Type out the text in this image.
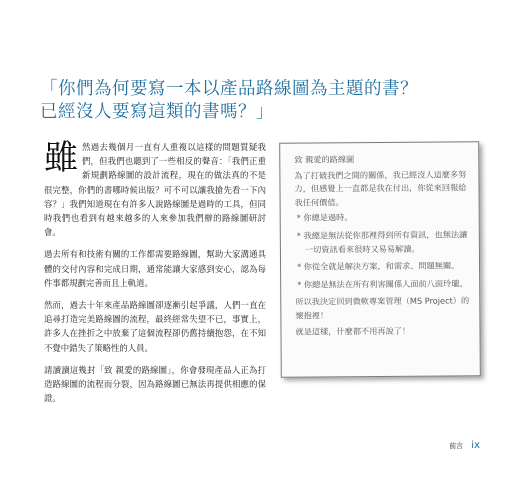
「你們為何要寫一本以產品路線圖為主題的書？
已經沒人要寫這類的書嗎？」

雖 然過去幾個月一直有人重複以這樣的問題質疑我們，但我們也聽到了一些相反的聲音：「我們正重新規劃路線圖的設計流程，現在的做法真的不是很完整，你們的書哪時候出版？可不可以讓我搶先看一下內容？」我們知道現在有許多人說路線圖是過時的工具，但同時我們也看到有越來越多的人來參加我們辦的路線圖研討會。

過去所有和技術有關的工作都需要路線圖，幫助大家溝通具體的交付內容和完成日期，通常能讓大家感到安心，認為每件事都規劃完善而且上軌道。

然而，過去十年來產品路線圖卻逐漸引起爭議，人們一直在追尋打造完美路線圖的流程，最終經常失望不已，事實上，許多人在挫折之中放棄了這個流程卻仍舊持續抱怨，在不知不覺中錯失了策略性的人員。

請讀讀這幾封「致 親愛的路線圖」，你會發現產品人正為打造路線圖的流程而分裂，因為路線圖已無法再提供相應的保證。

致 親愛的路線圖

為了打破我們之間的關係，我已經沒人這麼多努力，但感覺上一直都是我在付出，你從來回報給我任何價值。

* 你總是過時。

* 我總是無法從你那裡得到所有資訊，也無法讓一切資訊看來很時又易易解讀。

* 你從全就是解決方案，和需求、問題無關。

* 你總是無法在所有利害關係人面前八面玲瓏。

所以我決定回到微軟專案管理（MS Project）的懷抱裡！

就是這樣，什麼都不用再說了！

前言 ix
